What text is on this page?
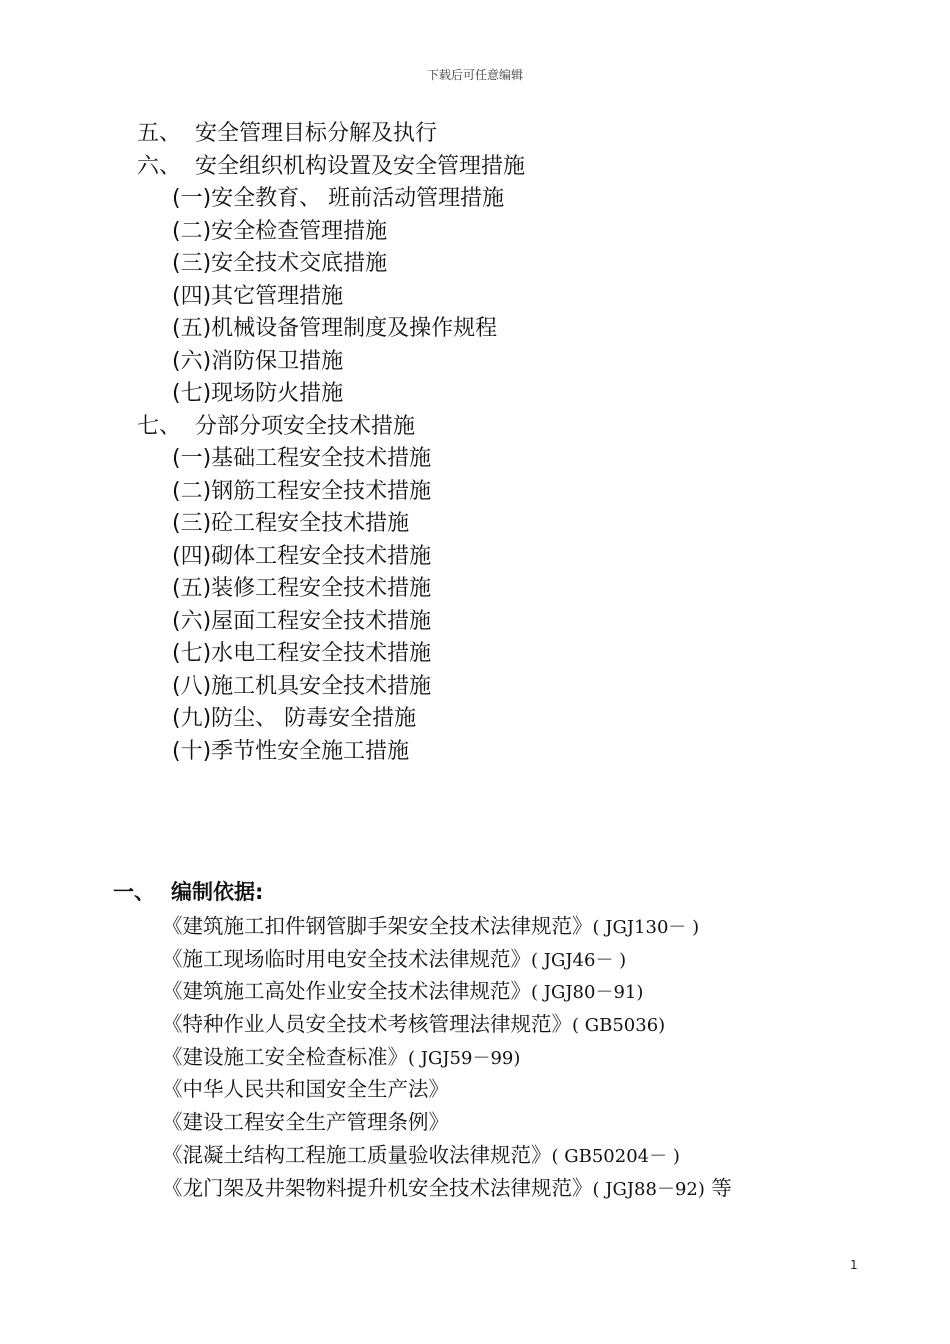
下载后可任意编辑
五、 安全管理目标分解及执行
六、 安全组织机构设置及安全管理措施
(一)安全教育、 班前活动管理措施
(二)安全检查管理措施
(三)安全技术交底措施
(四)其它管理措施
(五)机械设备管理制度及操作规程
(六)消防保卫措施
(七)现场防火措施
七、 分部分项安全技术措施
(一)基础工程安全技术措施
(二)钢筋工程安全技术措施
(三)砼工程安全技术措施
(四)砌体工程安全技术措施
(五)装修工程安全技术措施
(六)屋面工程安全技术措施
(七)水电工程安全技术措施
(八)施工机具安全技术措施
(九)防尘、 防毒安全措施
(十)季节性安全施工措施
一、 编制依据:
《建筑施工扣件钢管脚手架安全技术法律规范》( JGJ130－ )
《施工现场临时用电安全技术法律规范》( JGJ46－ )
《建筑施工高处作业安全技术法律规范》( JGJ80－91)
《特种作业人员安全技术考核管理法律规范》( GB5036)
《建设施工安全检查标准》( JGJ59－99)
《中华人民共和国安全生产法》
《建设工程安全生产管理条例》
《混凝土结构工程施工质量验收法律规范》( GB50204－ )
《龙门架及井架物料提升机安全技术法律规范》( JGJ88－92) 等
1
